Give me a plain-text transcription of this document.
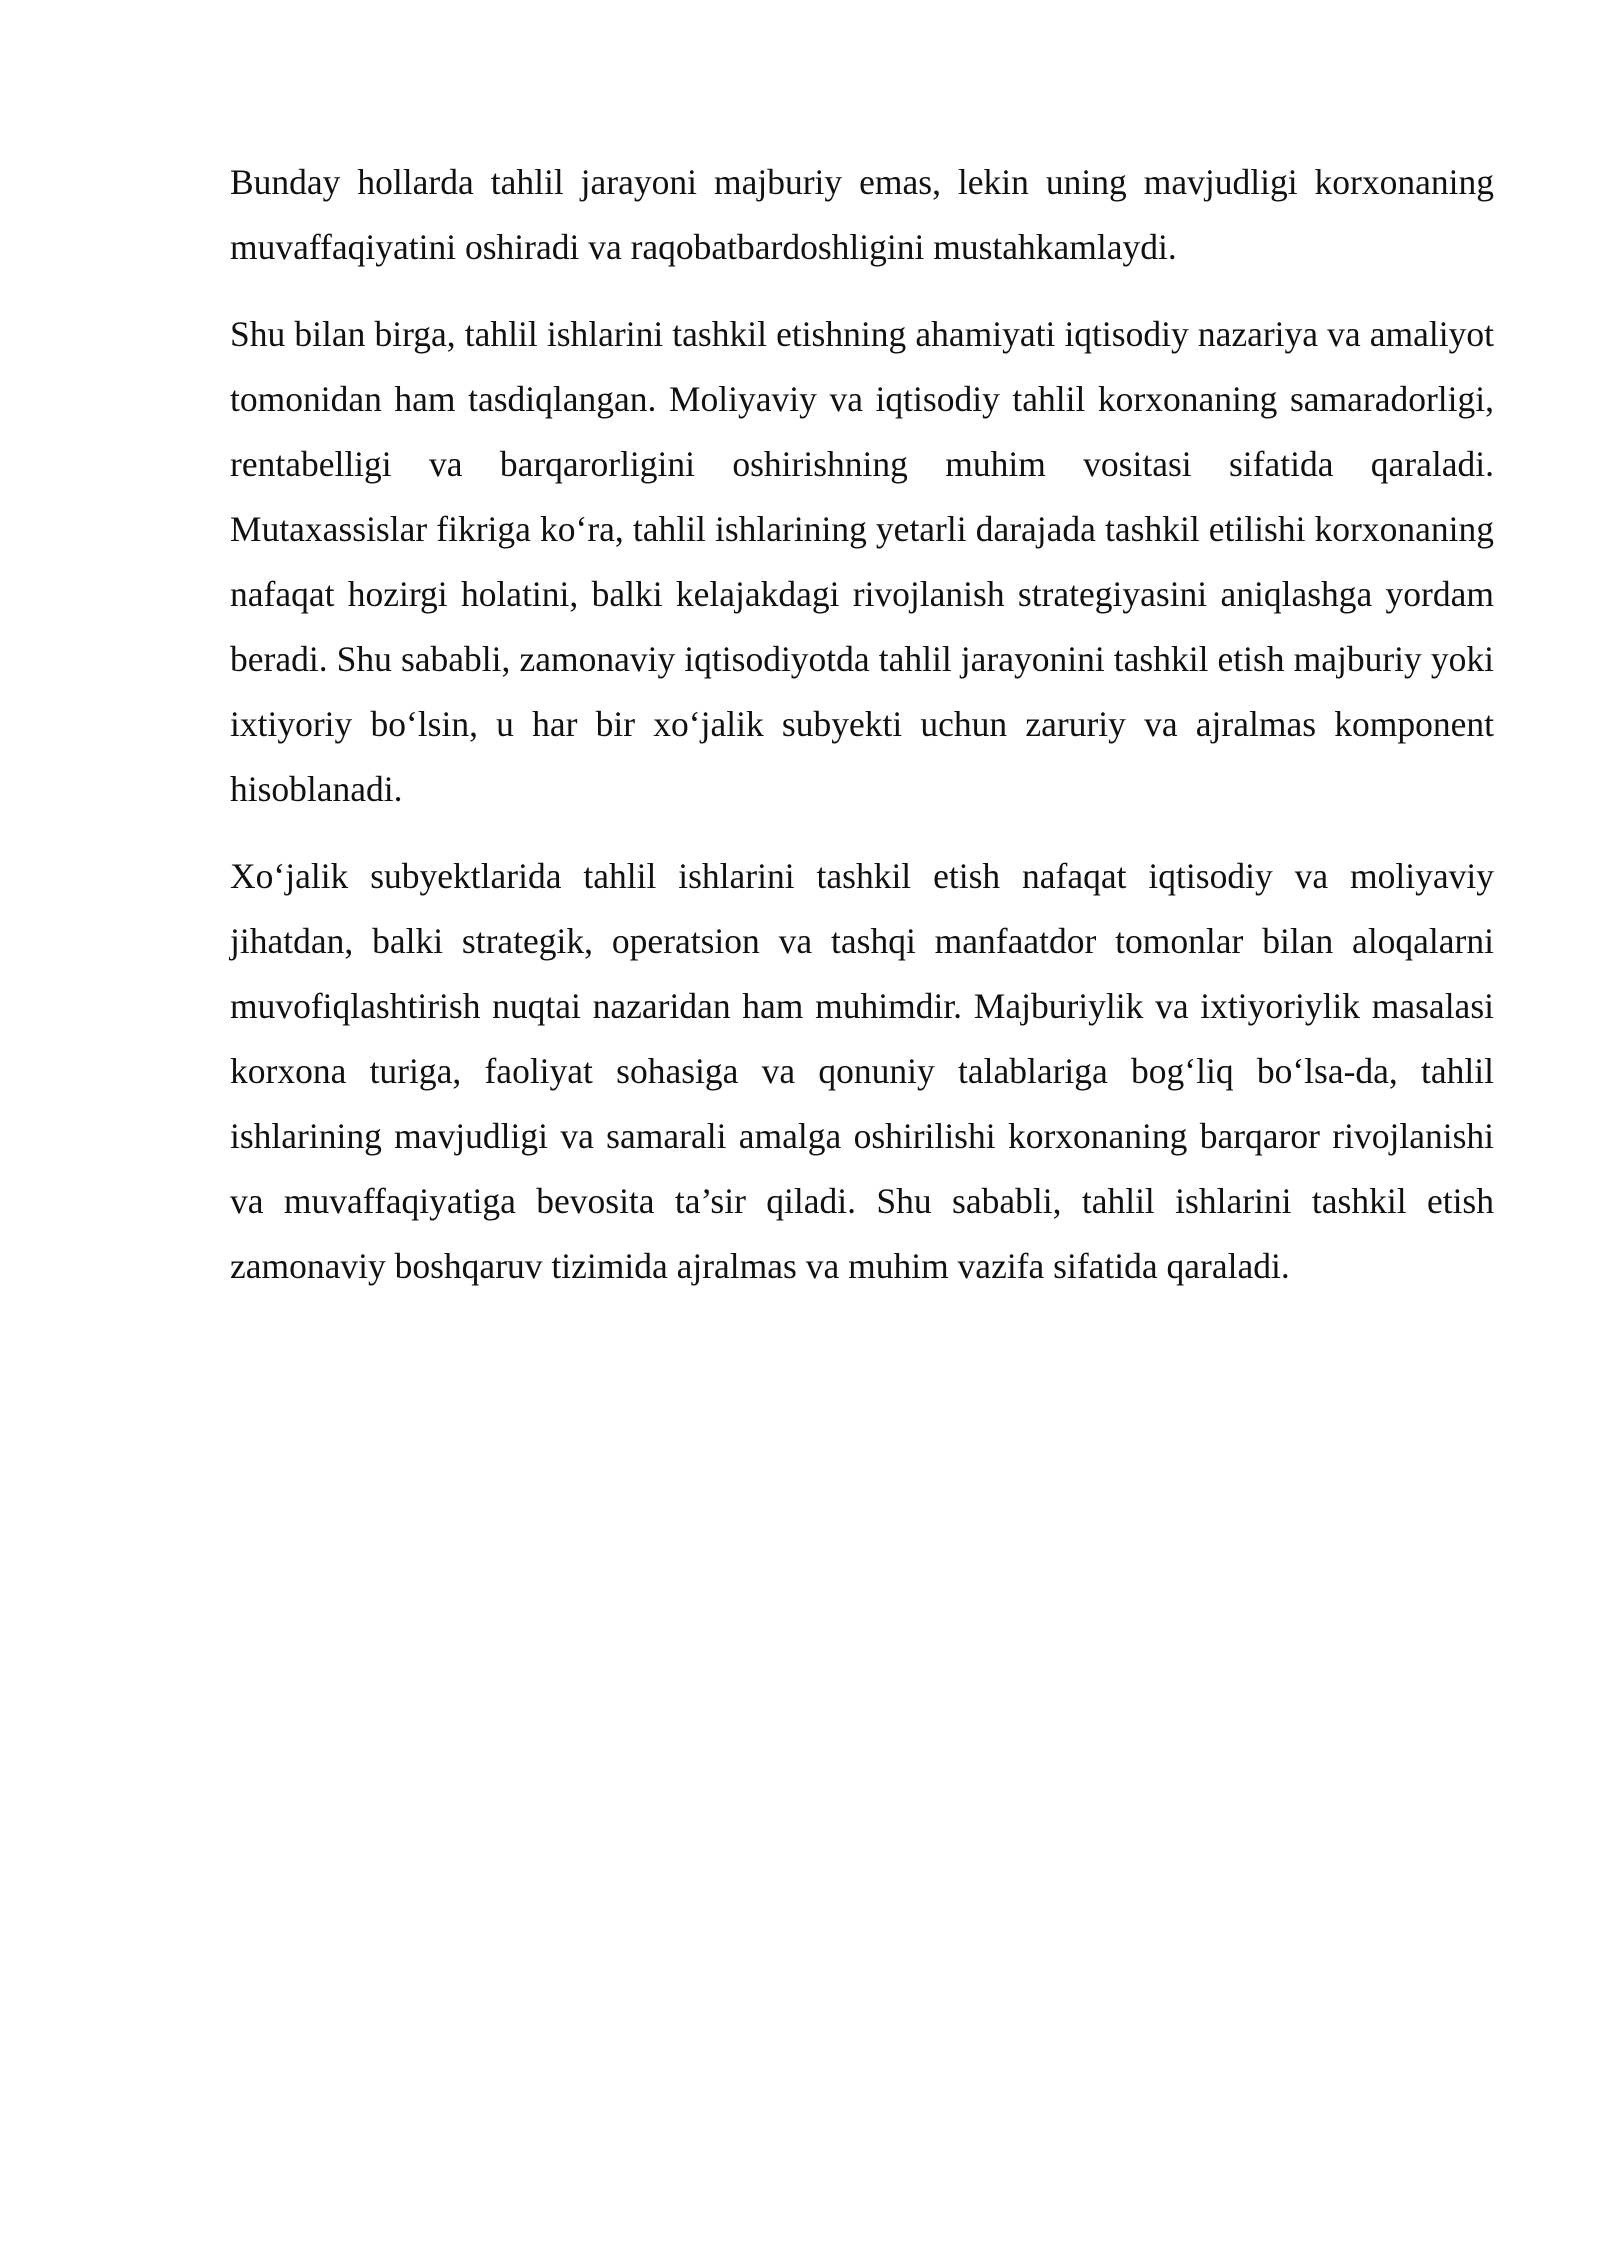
Bunday hollarda tahlil jarayoni majburiy emas, lekin uning mavjudligi korxonaning muvaffaqiyatini oshiradi va raqobatbardoshligini mustahkamlaydi.

Shu bilan birga, tahlil ishlarini tashkil etishning ahamiyati iqtisodiy nazariya va amaliyot tomonidan ham tasdiqlangan. Moliyaviy va iqtisodiy tahlil korxonaning samaradorligi, rentabelligi va barqarorligini oshirishning muhim vositasi sifatida qaraladi. Mutaxassislar fikriga ko‘ra, tahlil ishlarining yetarli darajada tashkil etilishi korxonaning nafaqat hozirgi holatini, balki kelajakdagi rivojlanish strategiyasini aniqlashga yordam beradi. Shu sababli, zamonaviy iqtisodiyotda tahlil jarayonini tashkil etish majburiy yoki ixtiyoriy bo‘lsin, u har bir xo‘jalik subyekti uchun zaruriy va ajralmas komponent hisoblanadi.

Xo‘jalik subyektlarida tahlil ishlarini tashkil etish nafaqat iqtisodiy va moliyaviy jihatdan, balki strategik, operatsion va tashqi manfaatdor tomonlar bilan aloqalarni muvofiqlashtirish nuqtai nazaridan ham muhimdir. Majburiylik va ixtiyoriylik masalasi korxona turiga, faoliyat sohasiga va qonuniy talablariga bog‘liq bo‘lsa-da, tahlil ishlarining mavjudligi va samarali amalga oshirilishi korxonaning barqaror rivojlanishi va muvaffaqiyatiga bevosita ta’sir qiladi. Shu sababli, tahlil ishlarini tashkil etish zamonaviy boshqaruv tizimida ajralmas va muhim vazifa sifatida qaraladi.
